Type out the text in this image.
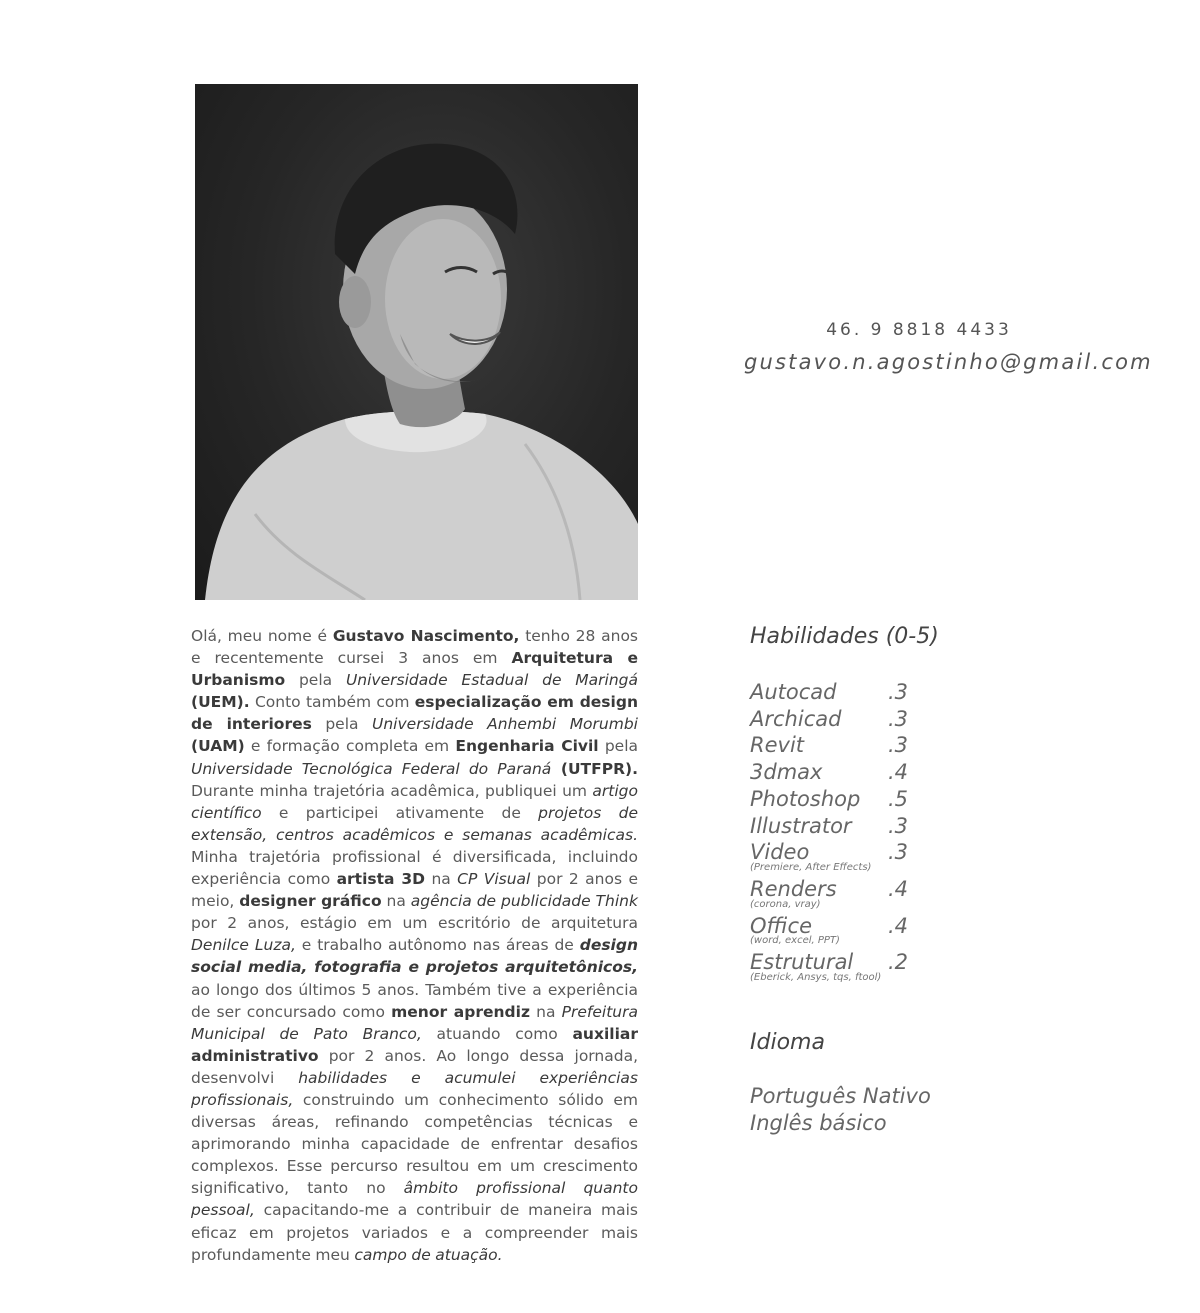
46. 9 8818 4433
gustavo.n.agostinho@gmail.com

Olá, meu nome é Gustavo Nascimento, tenho 28 anos e recentemente cursei 3 anos em Arquitetura e Urbanismo pela Universidade Estadual de Maringá (UEM). Conto também com especialização em design de interiores pela Universidade Anhembi Morumbi (UAM) e formação completa em Engenharia Civil pela Universidade Tecnológica Federal do Paraná (UTFPR). Durante minha trajetória acadêmica, publiquei um artigo científico e participei ativamente de projetos de extensão, centros acadêmicos e semanas acadêmicas. Minha trajetória profissional é diversificada, incluindo experiência como artista 3D na CP Visual por 2 anos e meio, designer gráfico na agência de publicidade Think por 2 anos, estágio em um escritório de arquitetura Denilce Luza, e trabalho autônomo nas áreas de design social media, fotografia e projetos arquitetônicos, ao longo dos últimos 5 anos. Também tive a experiência de ser concursado como menor aprendiz na Prefeitura Municipal de Pato Branco, atuando como auxiliar administrativo por 2 anos. Ao longo dessa jornada, desenvolvi habilidades e acumulei experiências profissionais, construindo um conhecimento sólido em diversas áreas, refinando competências técnicas e aprimorando minha capacidade de enfrentar desafios complexos. Esse percurso resultou em um crescimento significativo, tanto no âmbito profissional quanto pessoal, capacitando-me a contribuir de maneira mais eficaz em projetos variados e a compreender mais profundamente meu campo de atuação.

Habilidades (0-5)
Autocad	.3
Archicad	.3
Revit	.3
3dmax	.4
Photoshop	.5
Illustrator	.3
Video	.3
(Premiere, After Effects)
Renders	.4
(corona, vray)
Office	.4
(word, excel, PPT)
Estrutural	.2
(Eberick, Ansys, tqs, ftool)
Idioma
Português Nativo
Inglês básico
